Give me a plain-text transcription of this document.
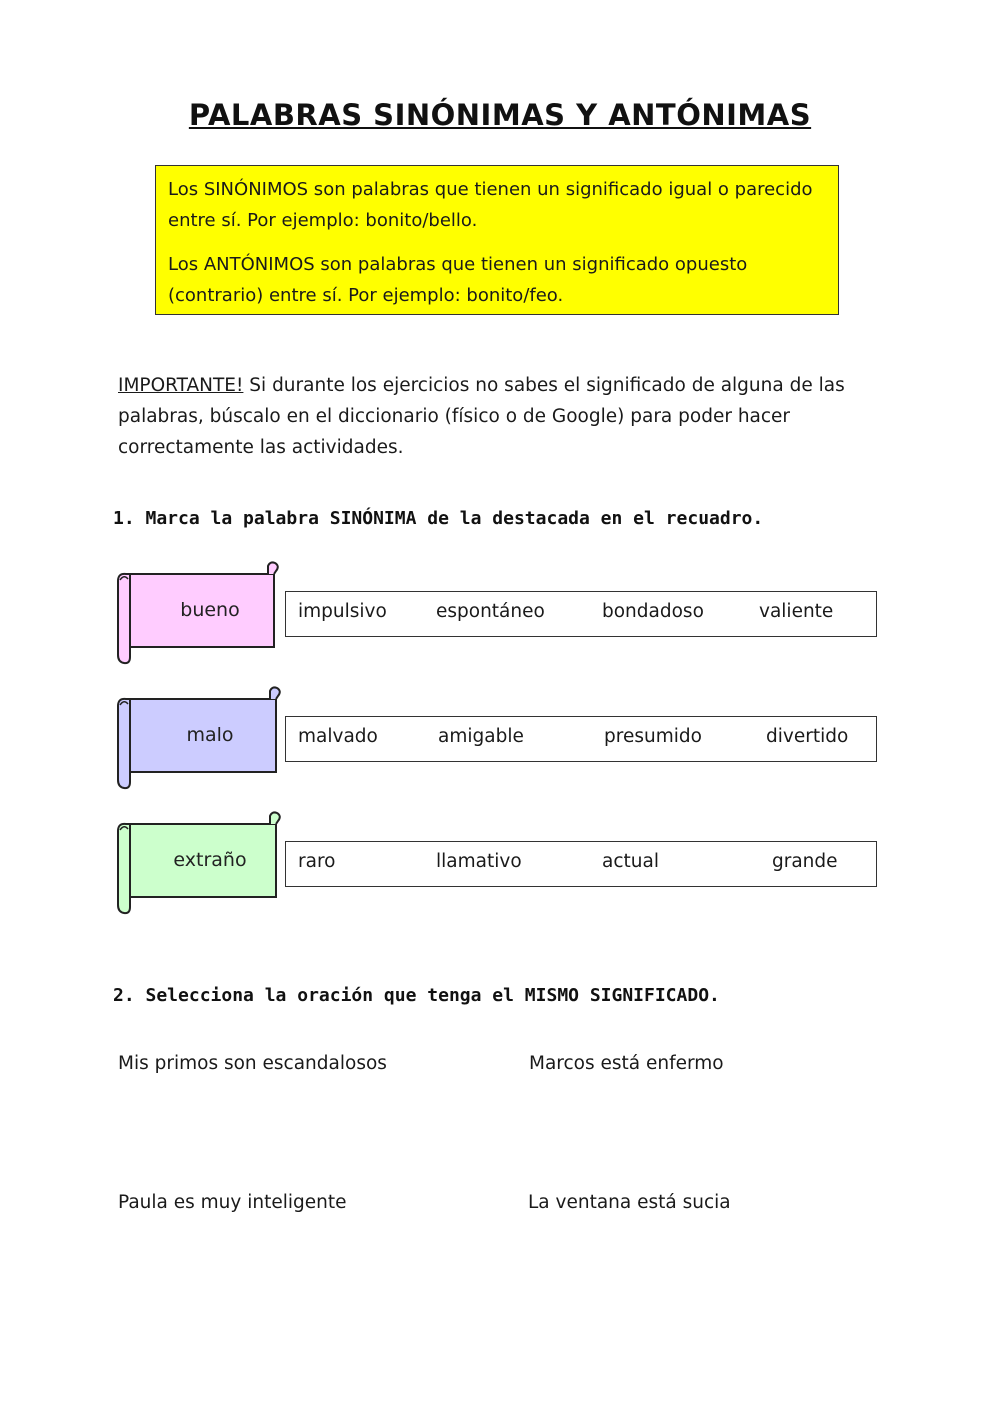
PALABRAS SINÓNIMAS Y ANTÓNIMAS

Los SINÓNIMOS son palabras que tienen un significado igual o parecido entre sí. Por ejemplo: bonito/bello.

Los ANTÓNIMOS son palabras que tienen un significado opuesto (contrario) entre sí. Por ejemplo: bonito/feo.

IMPORTANTE! Si durante los ejercicios no sabes el significado de alguna de las palabras, búscalo en el diccionario (físico o de Google) para poder hacer correctamente las actividades.
1. Marca la palabra SINÓNIMA de la destacada en el recuadro.
bueno	impulsivo	espontáneo	bondadoso	valiente
malo	malvado	amigable	presumido	divertido
extraño	raro	llamativo	actual	grande
2. Selecciona la oración que tenga el MISMO SIGNIFICADO.
Mis primos son escandalosos	Marcos está enfermo
Paula es muy inteligente	La ventana está sucia
